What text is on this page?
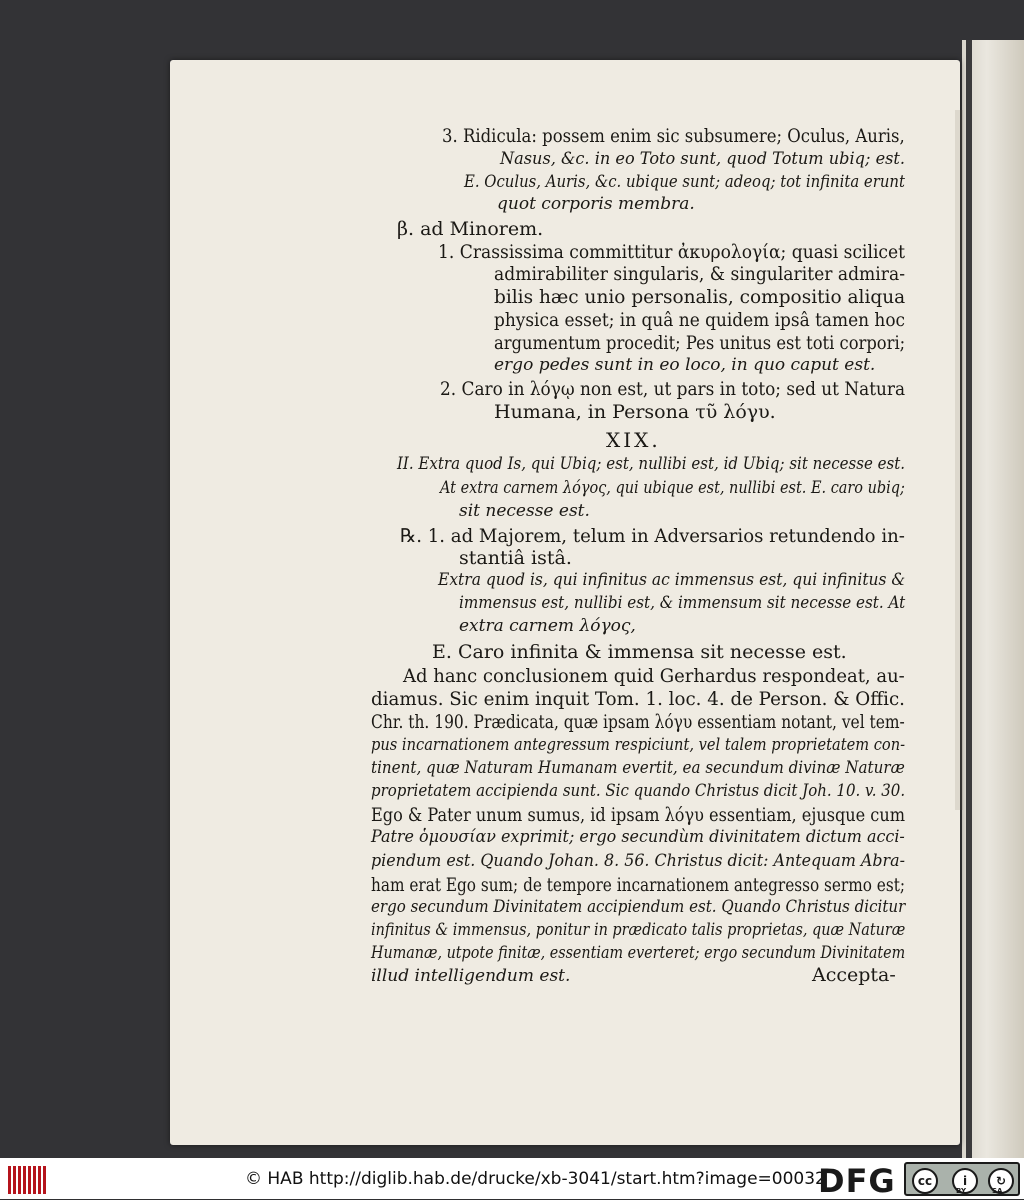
3. Ridicula: possem enim sic subsumere; Oculus, Auris,
Nasus, &c. in eo Toto sunt, quod Totum ubiq; est.
E. Oculus, Auris, &c. ubique sunt; adeoq; tot infinita erunt
quot corporis membra.
β. ad Minorem.
1. Crassissima committitur ἀκυρολογία; quasi scilicet
admirabiliter singularis, & singulariter admira-
bilis hæc unio personalis, compositio aliqua
physica esset; in quâ ne quidem ipsâ tamen hoc
argumentum procedit; Pes unitus est toti corpori;
ergo pedes sunt in eo loco, in quo caput est.
2. Caro in λόγῳ non est, ut pars in toto; sed ut Natura
Humana, in Persona τῦ λόγυ.
XIX.
II. Extra quod Is, qui Ubiq; est, nullibi est, id Ubiq; sit necesse est.
At extra carnem λόγος, qui ubique est, nullibi est. E. caro ubiq;
sit necesse est.
℞. 1. ad Majorem, telum in Adversarios retundendo in-
stantiâ istâ.
Extra quod is, qui infinitus ac immensus est, qui infinitus &
immensus est, nullibi est, & immensum sit necesse est. At
extra carnem λόγος,
E. Caro infinita & immensa sit necesse est.
Ad hanc conclusionem quid Gerhardus respondeat, au-
diamus. Sic enim inquit Tom. 1. loc. 4. de Person. & Offic.
Chr. th. 190. Prædicata, quæ ipsam λόγυ essentiam notant, vel tem-
pus incarnationem antegressum respiciunt, vel talem proprietatem con-
tinent, quæ Naturam Humanam evertit, ea secundum divinæ Naturæ
proprietatem accipienda sunt. Sic quando Christus dicit Joh. 10. v. 30.
Ego & Pater unum sumus, id ipsam λόγυ essentiam, ejusque cum
Patre ὁμουσίαν exprimit; ergo secundùm divinitatem dictum acci-
piendum est. Quando Johan. 8. 56. Christus dicit: Antequam Abra-
ham erat Ego sum; de tempore incarnationem antegresso sermo est;
ergo secundum Divinitatem accipiendum est. Quando Christus dicitur
infinitus & immensus, ponitur in prædicato talis proprietas, quæ Naturæ
Humanæ, utpote finitæ, essentiam everteret; ergo secundum Divinitatem
illud intelligendum est.	Accepta-
© HAB http://diglib.hab.de/drucke/xb-3041/start.htm?image=00032
DFG	cc	i	↻
BY	SA
